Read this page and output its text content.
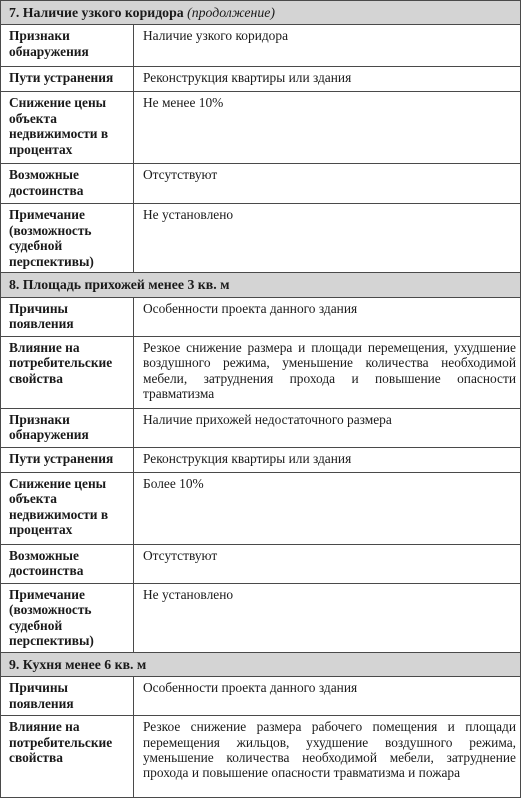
7. Наличие узкого коридора (продолжение)	
Признаки обнаружения	Наличие узкого коридора
Пути устранения	Реконструкция квартиры или здания
Снижение цены объекта недвижимости в процентах	Не менее 10%
Возможные достоинства	Отсутствуют
Примечание (возможность судебной перспективы)	Не установлено
8. Площадь прихожей менее 3 кв. м	
Причины появления	Особенности проекта данного здания
Влияние на потребительские свойства	Резкое снижение размера и площади перемещения, ухудшение воздушного режима, уменьшение количества необходимой мебели, затруднения прохода и повышение опасности травматизма
Признаки обнаружения	Наличие прихожей недостаточного размера
Пути устранения	Реконструкция квартиры или здания
Снижение цены объекта недвижимости в процентах	Более 10%
Возможные достоинства	Отсутствуют
Примечание (возможность судебной перспективы)	Не установлено
9. Кухня менее 6 кв. м	
Причины появления	Особенности проекта данного здания
Влияние на потребительские свойства	Резкое снижение размера рабочего помещения и площади перемещения жильцов, ухудшение воздушного режима, уменьшение количества необходимой мебели, затруднение прохода и повышение опасности травматизма и пожара
